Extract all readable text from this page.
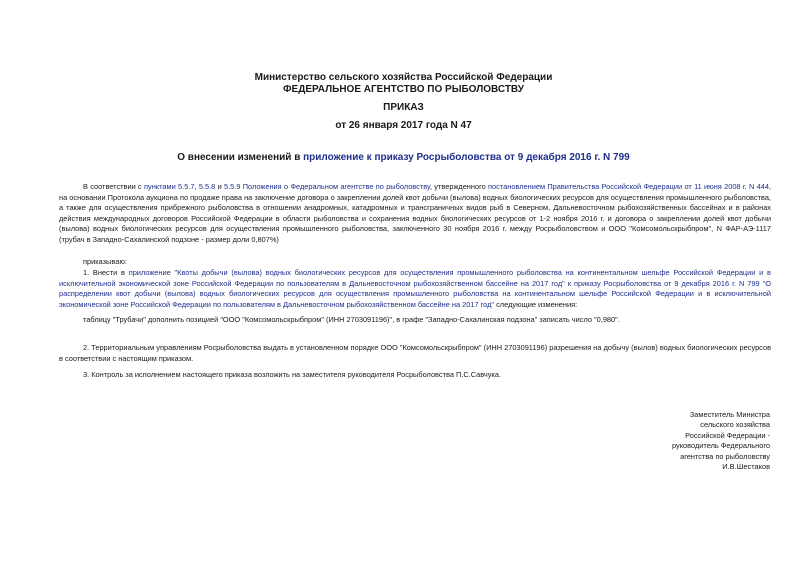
Министерство сельского хозяйства Российской Федерации
ФЕДЕРАЛЬНОЕ АГЕНТСТВО ПО РЫБОЛОВСТВУ
ПРИКАЗ
от 26 января 2017 года N 47
О внесении изменений в приложение к приказу Росрыболовства от 9 декабря 2016 г. N 799
В соответствии с пунктами 5.5.7, 5.5.8 и 5.5.9 Положения о Федеральном агентстве по рыболовству, утвержденного постановлением Правительства Российской Федерации от 11 июня 2008 г. N 444, на основании Протокола аукциона по продаже права на заключение договора о закреплении долей квот добычи (вылова) водных биологических ресурсов для осуществления промышленного рыболовства, а также для осуществления прибрежного рыболовства в отношении анадромных, катадромных и трансграничных видов рыб в Северном, Дальневосточном рыбохозяйственных бассейнах и в районах действия международных договоров Российской Федерации в области рыболовства и сохранения водных биологических ресурсов от 1-2 ноября 2016 г. и договора о закреплении долей квот добычи (вылова) водных биологических ресурсов для осуществления промышленного рыболовства, заключенного 30 ноября 2016 г. между Росрыболовством и ООО "Комсомольскрыбпром", N ФАР-АЭ-1117 (трубач в Западно-Сахалинской подзоне - размер доли 0,807%)
приказываю:
1. Внести в приложение "Квоты добычи (вылова) водных биологических ресурсов для осуществления промышленного рыболовства на континентальном шельфе Российской Федерации и в исключительной экономической зоне Российской Федерации по пользователям в Дальневосточном рыбохозяйственном бассейне на 2017 год" к приказу Росрыболовства от 9 декабря 2016 г. N 799 "О распределении квот добычи (вылова) водных биологических ресурсов для осуществления промышленного рыболовства на континентальном шельфе Российской Федерации и в исключительной экономической зоне Российской Федерации по пользователям в Дальневосточном рыбохозяйственном бассейне на 2017 год" следующие изменения:
таблицу "Трубачи" дополнить позицией "ООО "Комсомольскрыбпром" (ИНН 2703091196)", в графе "Западно-Сахалинская подзона" записать число "0,980".
2. Территориальным управлениям Росрыболовства выдать в установленном порядке ООО "Комсомольскрыбпром" (ИНН 2703091196) разрешения на добычу (вылов) водных биологических ресурсов в соответствии с настоящим приказом.
3. Контроль за исполнением настоящего приказа возложить на заместителя руководителя Росрыболовства П.С.Савчука.
Заместитель Министра
сельского хозяйства
Российской Федерации -
руководитель Федерального
агентства по рыболовству
И.В.Шестаков
